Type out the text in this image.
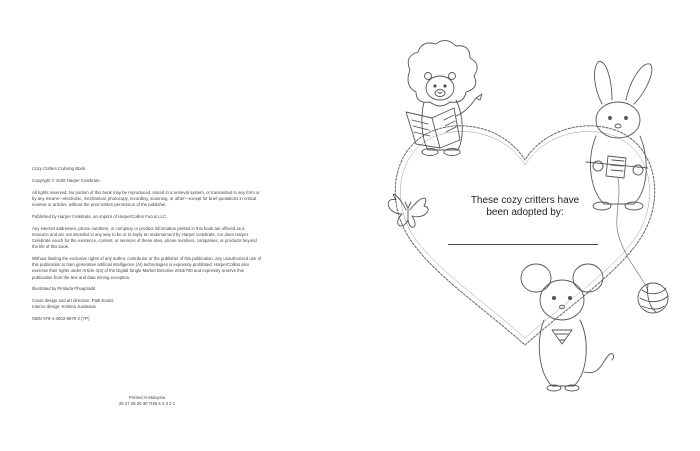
Cozy Critters Coloring Book

Copyright © 2026 Harper Celebrate

All rights reserved. No portion of this book may be reproduced, stored in a retrieval system, or transmitted in any form or by any means—electronic, mechanical, photocopy, recording, scanning, or other—except for brief quotations in critical reviews or articles, without the prior written permission of the publisher.

Published by Harper Celebrate, an imprint of HarperCollins Focus LLC.

Any internet addresses, phone numbers, or company or product information printed in this book are offered as a resource and are not intended in any way to be or to imply an endorsement by Harper Celebrate, nor does Harper Celebrate vouch for the existence, content, or services of these sites, phone numbers, companies, or products beyond the life of this book.

Without limiting the exclusive rights of any author, contributor or the publisher of this publication, any unauthorized use of this publication to train generative artificial intelligence (AI) technologies is expressly prohibited. HarperCollins also exercise their rights under Article 4(3) of the Digital Single Market Directive 2019/790 and expressly reserve this publication from the text and data mining exception.

Illustrated by Pimlada Phuapradit

Cover design and art direction: Patti Evans

Interior design: Kristina Juodenas

ISBN 978-1-4002-5879-2 (TP)

Printed in Malaysia
26 27 28 29 30 THB 5 4 3 2 1
These cozy critters have
been adopted by:
